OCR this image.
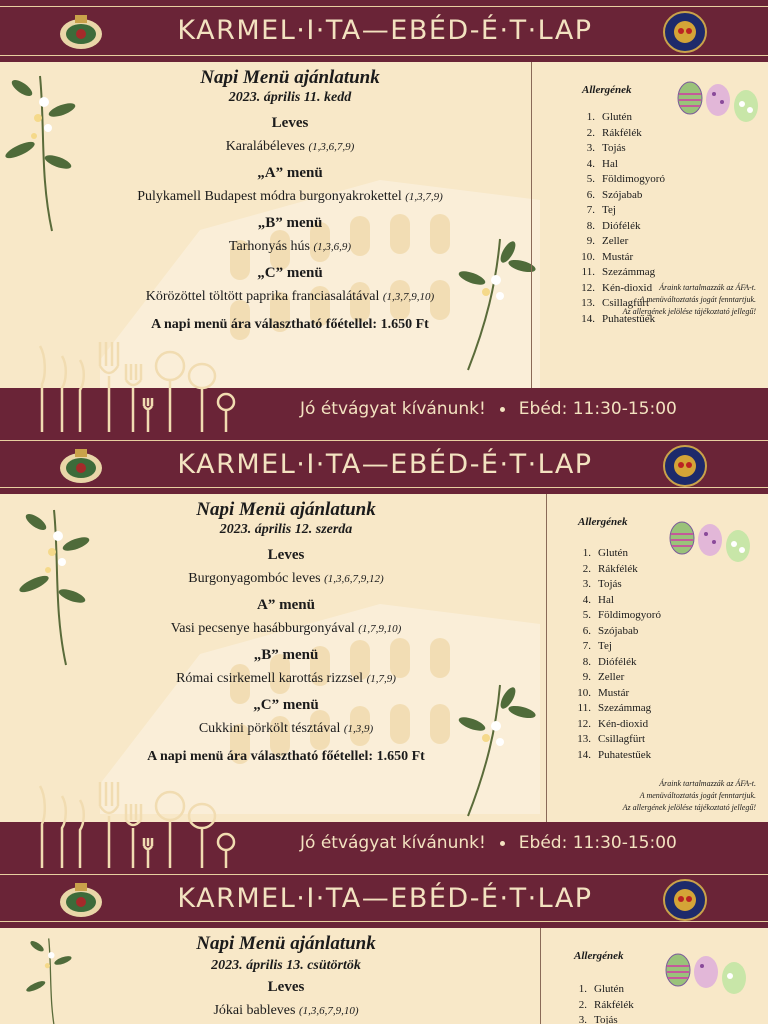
KARMEL·I·TA—EBÉD-É·T·LAP
Napi Menü ajánlatunk
2023. április 11. kedd
Leves
Karalábéleves (1,3,6,7,9)
„A” menü
Pulykamell Budapest módra burgonyakrokettel (1,3,7,9)
„B” menü
Tarhonyás hús (1,3,6,9)
„C” menü
Körözöttel töltött paprika franciasalátával (1,3,7,9,10)
A napi menü ára választható főétellel: 1.650 Ft
Allergének
1. Glutén
2. Rákfélék
3. Tojás
4. Hal
5. Földimogyoró
6. Szójabab
7. Tej
8. Diófélék
9. Zeller
10. Mustár
11. Szezámmag
12. Kén-dioxid
13. Csillagfürt
14. Puhatestűek
Áraink tartalmazzák az ÁFA-t.
A menüváltoztatás jogát fenntartjuk.
Az allergének jelölése tájékoztató jellegű!
Jó étvágyat kívánunk! Ebéd: 11:30-15:00
KARMEL·I·TA—EBÉD-É·T·LAP
Napi Menü ajánlatunk
2023. április 12. szerda
Leves
Burgonyagombóc leves (1,3,6,7,9,12)
A” menü
Vasi pecsenye hasábburgonyával (1,7,9,10)
„B” menü
Római csirkemell karottás rizzsel (1,7,9)
„C” menü
Cukkini pörkölt tésztával (1,3,9)
A napi menü ára választható főétellel: 1.650 Ft
Allergének
1. Glutén
2. Rákfélék
3. Tojás
4. Hal
5. Földimogyoró
6. Szójabab
7. Tej
8. Diófélék
9. Zeller
10. Mustár
11. Szezámmag
12. Kén-dioxid
13. Csillagfürt
14. Puhatestűek
Áraink tartalmazzák az ÁFA-t.
A menüváltoztatás jogát fenntartjuk.
Az allergének jelölése tájékoztató jellegű!
Jó étvágyat kívánunk! Ebéd: 11:30-15:00
KARMEL·I·TA—EBÉD-É·T·LAP
Napi Menü ajánlatunk
2023. április 13. csütörtök
Leves
Jókai bableves (1,3,6,7,9,10)
Allergének
1. Glutén
2. Rákfélék
3. Tojás
